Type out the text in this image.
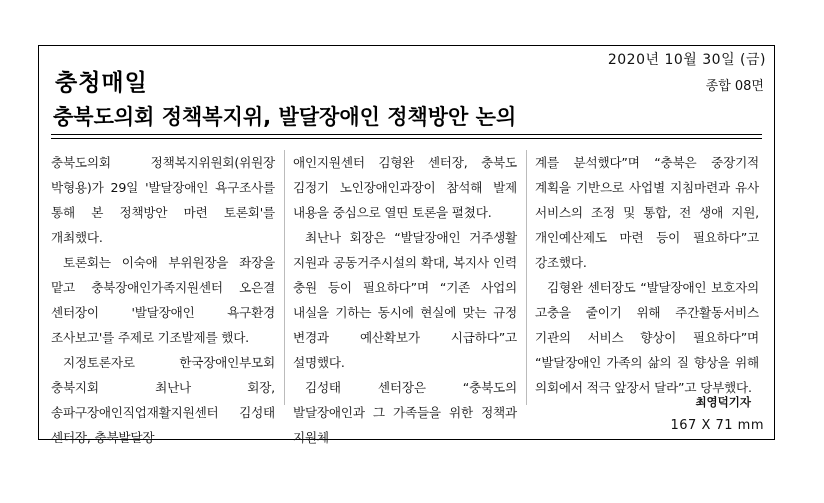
2020년 10월 30일 (금)
충청매일	종합 08면
충북도의회 정책복지위, 발달장애인 정책방안 논의

충북도의회 정책복지위원회(위원장 박형용)가 29일 '발달장애인 욕구조사를 통해 본 정책방안 마련 토론회'를 개최했다.

토론회는 이숙애 부위원장을 좌장을 맡고 충북장애인가족지원센터 오은결 센터장이 '발달장애인 욕구환경 조사보고'를 주제로 기조발제를 했다.

지정토론자로 한국장애인부모회 충북지회 최난나 회장, 송파구장애인직업재활지원센터 김성태 센터장, 충북발달장

애인지원센터 김형완 센터장, 충북도 김정기 노인장애인과장이 참석해 발제 내용을 중심으로 열띤 토론을 펼쳤다.

최난나 회장은 “발달장애인 거주생활 지원과 공동거주시설의 확대, 복지사 인력 충원 등이 필요하다”며 “기존 사업의 내실을 기하는 동시에 현실에 맞는 규정 변경과 예산확보가 시급하다”고 설명했다.

김성태 센터장은 “충북도의 발달장애인과 그 가족들을 위한 정책과 지원체

계를 분석했다”며 “충북은 중장기적 계획을 기반으로 사업별 지침마련과 유사 서비스의 조정 및 통합, 전 생애 지원, 개인예산제도 마련 등이 필요하다”고 강조했다.

김형완 센터장도 “발달장애인 보호자의 고충을 줄이기 위해 주간활동서비스 기관의 서비스 향상이 필요하다”며 “발달장애인 가족의 삶의 질 향상을 위해 의회에서 적극 앞장서 달라”고 당부했다.

최영덕기자
167 X 71 mm
